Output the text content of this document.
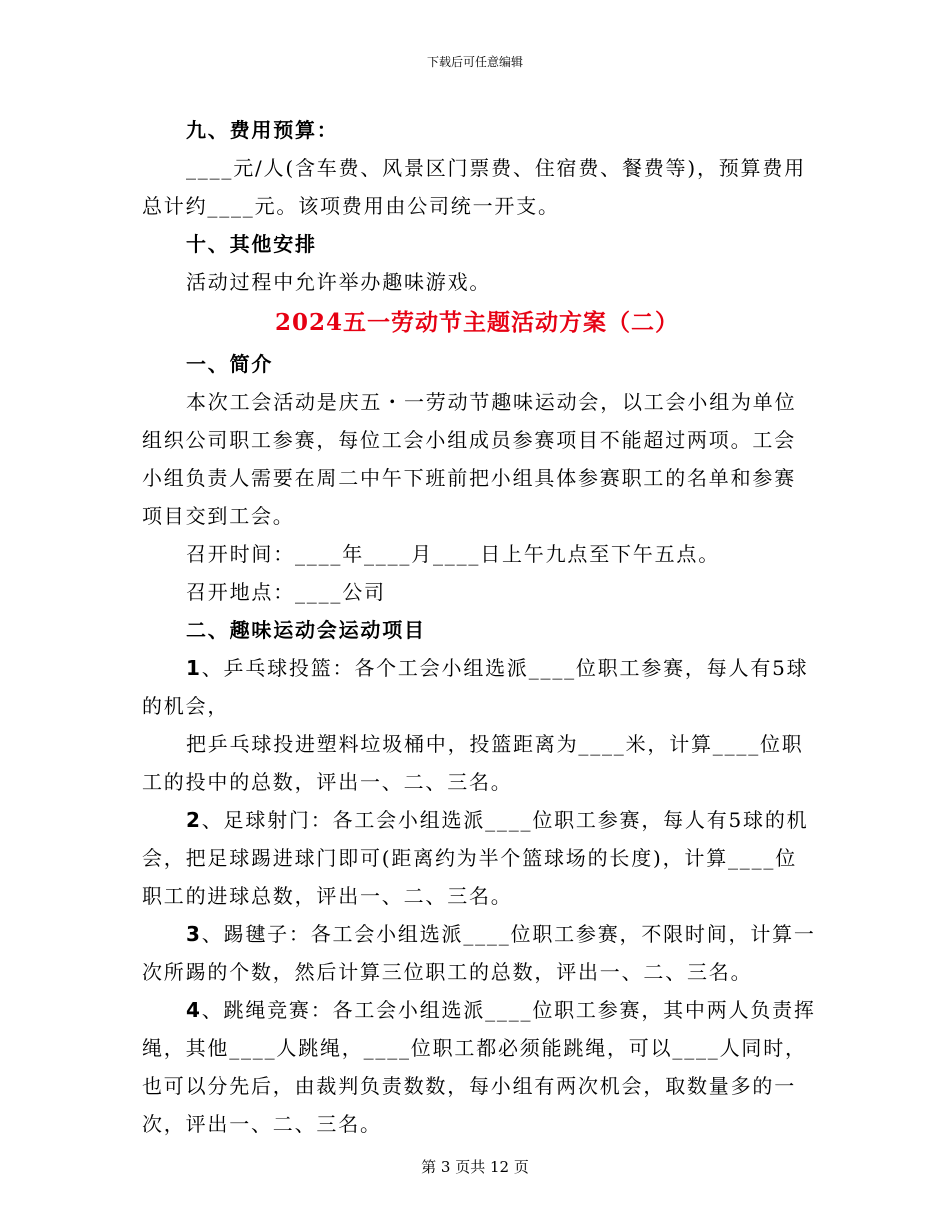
下载后可任意编辑

九、费用预算：

____元/人(含车费、风景区门票费、住宿费、餐费等)，预算费用

总计约____元。该项费用由公司统一开支。

十、其他安排

活动过程中允许举办趣味游戏。

2024五一劳动节主题活动方案（二）

一、简介

本次工会活动是庆五・一劳动节趣味运动会，以工会小组为单位

组织公司职工参赛，每位工会小组成员参赛项目不能超过两项。工会

小组负责人需要在周二中午下班前把小组具体参赛职工的名单和参赛

项目交到工会。

召开时间：____年____月____日上午九点至下午五点。

召开地点：____公司

二、趣味运动会运动项目

1、乒乓球投篮：各个工会小组选派____位职工参赛，每人有5球

的机会，

把乒乓球投进塑料垃圾桶中，投篮距离为____米，计算____位职

工的投中的总数，评出一、二、三名。

2、足球射门：各工会小组选派____位职工参赛，每人有5球的机

会，把足球踢进球门即可(距离约为半个篮球场的长度)，计算____位

职工的进球总数，评出一、二、三名。

3、踢毽子：各工会小组选派____位职工参赛，不限时间，计算一

次所踢的个数，然后计算三位职工的总数，评出一、二、三名。

4、跳绳竞赛：各工会小组选派____位职工参赛，其中两人负责挥

绳，其他____人跳绳，____位职工都必须能跳绳，可以____人同时，

也可以分先后，由裁判负责数数，每小组有两次机会，取数量多的一

次，评出一、二、三名。

第 3 页共 12 页
